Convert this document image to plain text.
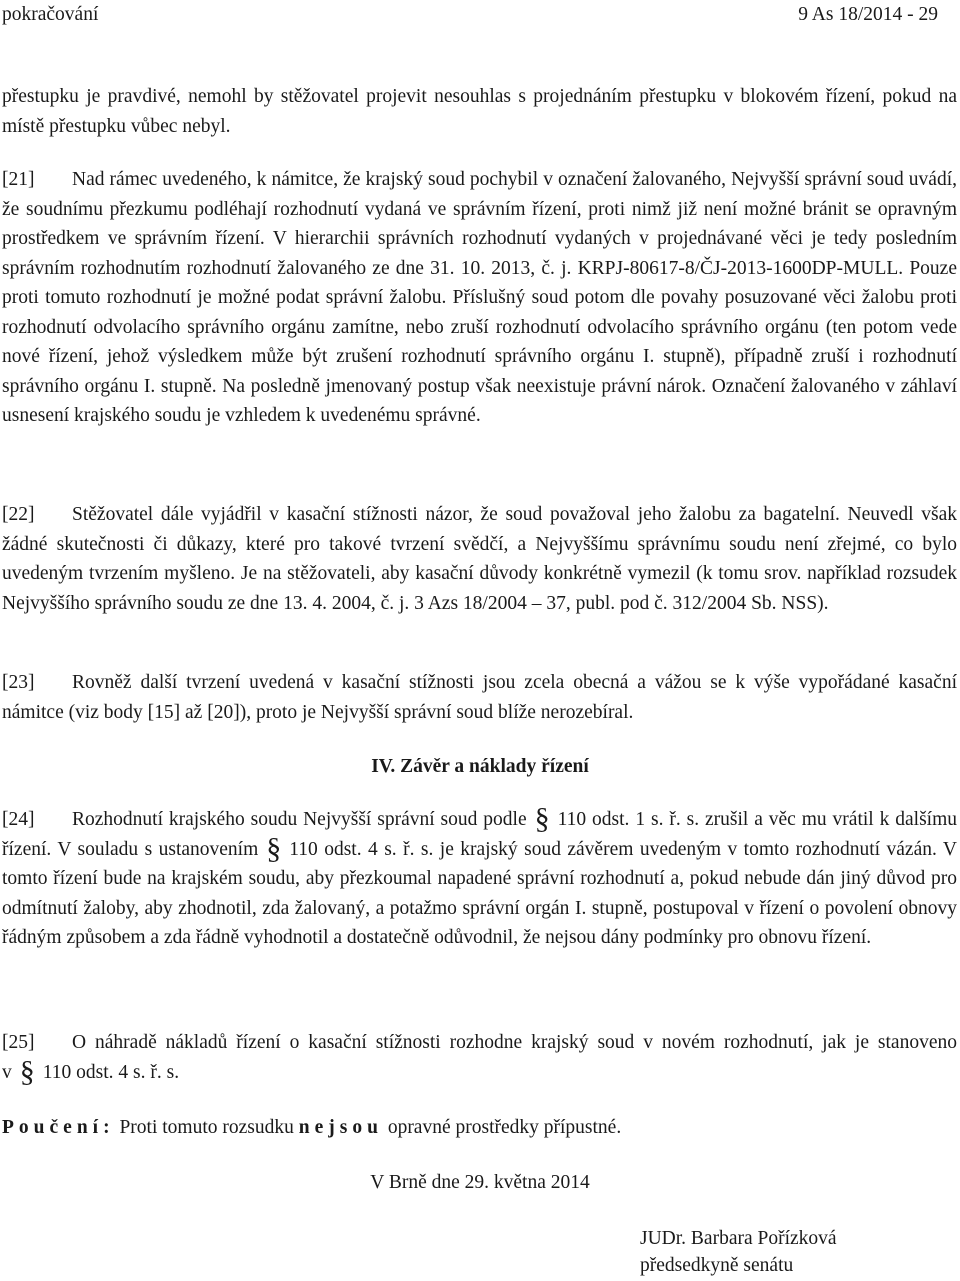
pokračování	9 As 18/2014 - 29

přestupku je pravdivé, nemohl by stěžovatel projevit nesouhlas s projednáním přestupku v blokovém řízení, pokud na místě přestupku vůbec nebyl.

[21] Nad rámec uvedeného, k námitce, že krajský soud pochybil v označení žalovaného, Nejvyšší správní soud uvádí, že soudnímu přezkumu podléhají rozhodnutí vydaná ve správním řízení, proti nimž již není možné bránit se opravným prostředkem ve správním řízení. V hierarchii správních rozhodnutí vydaných v projednávané věci je tedy posledním správním rozhodnutím rozhodnutí žalovaného ze dne 31. 10. 2013, č. j. KRPJ-80617-8/ČJ-2013-1600DP-MULL. Pouze proti tomuto rozhodnutí je možné podat správní žalobu. Příslušný soud potom dle povahy posuzované věci žalobu proti rozhodnutí odvolacího správního orgánu zamítne, nebo zruší rozhodnutí odvolacího správního orgánu (ten potom vede nové řízení, jehož výsledkem může být zrušení rozhodnutí správního orgánu I. stupně), případně zruší i rozhodnutí správního orgánu I. stupně. Na posledně jmenovaný postup však neexistuje právní nárok. Označení žalovaného v záhlaví usnesení krajského soudu je vzhledem k uvedenému správné.

[22] Stěžovatel dále vyjádřil v kasační stížnosti názor, že soud považoval jeho žalobu za bagatelní. Neuvedl však žádné skutečnosti či důkazy, které pro takové tvrzení svědčí, a Nejvyššímu správnímu soudu není zřejmé, co bylo uvedeným tvrzením myšleno. Je na stěžovateli, aby kasační důvody konkrétně vymezil (k tomu srov. například rozsudek Nejvyššího správního soudu ze dne 13. 4. 2004, č. j. 3 Azs 18/2004 – 37, publ. pod č. 312/2004 Sb. NSS).

[23] Rovněž další tvrzení uvedená v kasační stížnosti jsou zcela obecná a vážou se k výše vypořádané kasační námitce (viz body [15] až [20]), proto je Nejvyšší správní soud blíže nerozebíral.

IV. Závěr a náklady řízení

[24] Rozhodnutí krajského soudu Nejvyšší správní soud podle § 110 odst. 1 s. ř. s. zrušil a věc mu vrátil k dalšímu řízení. V souladu s ustanovením § 110 odst. 4 s. ř. s. je krajský soud závěrem uvedeným v tomto rozhodnutí vázán. V tomto řízení bude na krajském soudu, aby přezkoumal napadené správní rozhodnutí a, pokud nebude dán jiný důvod pro odmítnutí žaloby, aby zhodnotil, zda žalovaný, a potažmo správní orgán I. stupně, postupoval v řízení o povolení obnovy řádným způsobem a zda řádně vyhodnotil a dostatečně odůvodnil, že nejsou dány podmínky pro obnovu řízení.

[25] O náhradě nákladů řízení o kasační stížnosti rozhodne krajský soud v novém rozhodnutí, jak je stanoveno v § 110 odst. 4 s. ř. s.

Poučení: Proti tomuto rozsudku nejsou opravné prostředky přípustné.

V Brně dne 29. května 2014
JUDr. Barbara Pořízková
předsedkyně senátu
